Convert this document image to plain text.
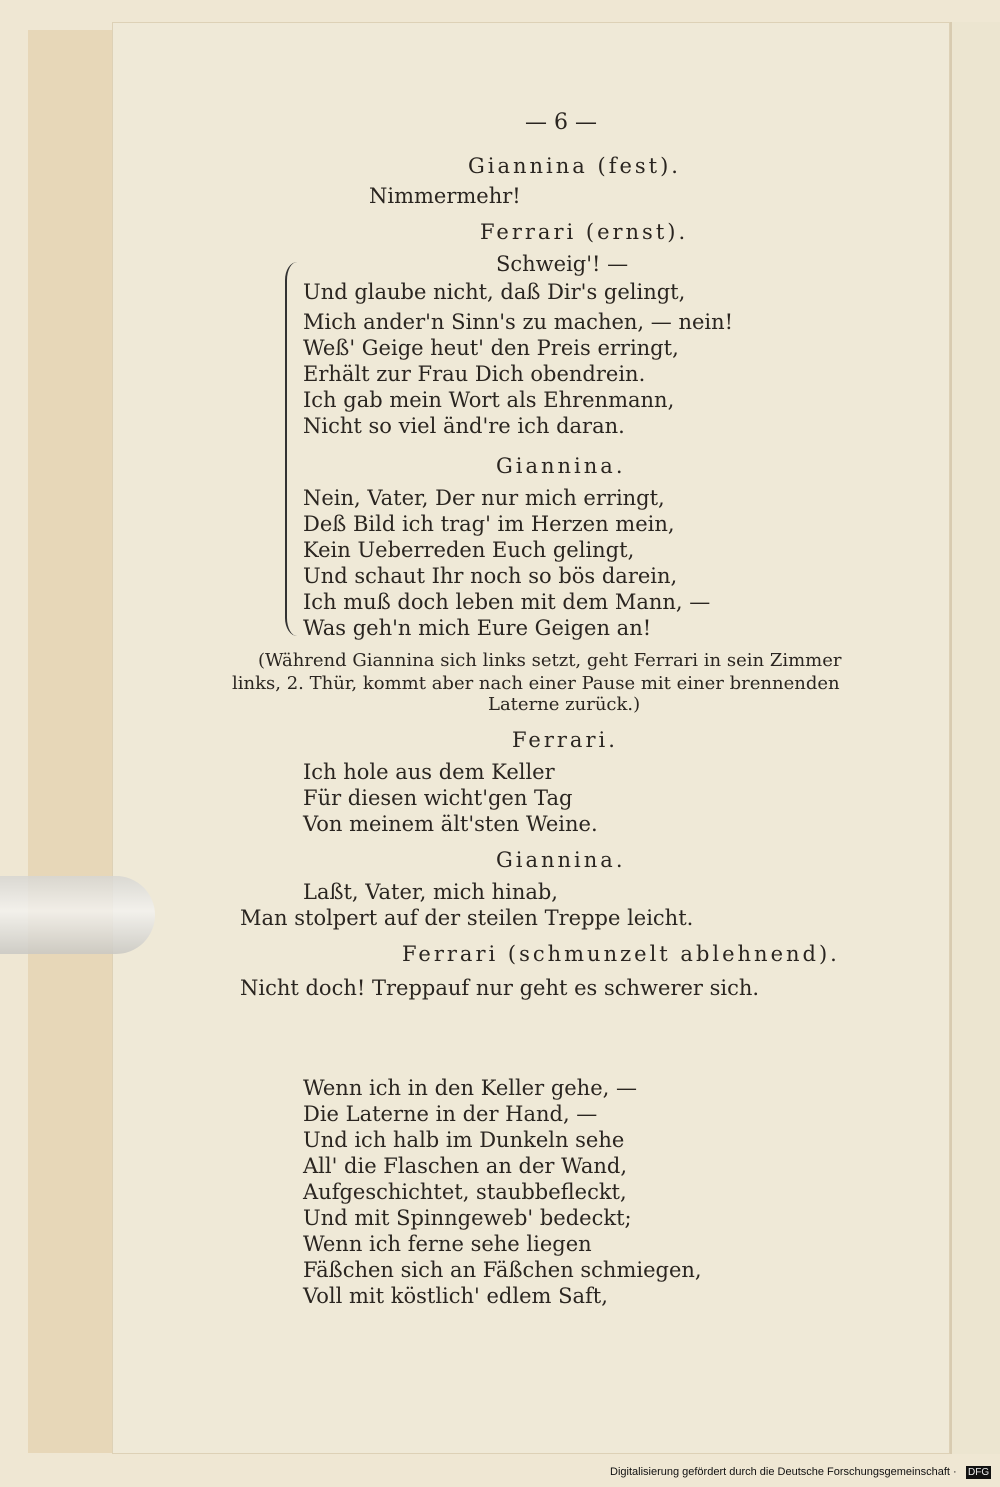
— 6 —
Giannina (fest).
Nimmermehr!
Ferrari (ernst).
Schweig'! —
Und glaube nicht, daß Dir's gelingt,
Mich ander'n Sinn's zu machen, — nein!
Weß' Geige heut' den Preis erringt,
Erhält zur Frau Dich obendrein.
Ich gab mein Wort als Ehrenmann,
Nicht so viel änd're ich daran.
Giannina.
Nein, Vater, Der nur mich erringt,
Deß Bild ich trag' im Herzen mein,
Kein Ueberreden Euch gelingt,
Und schaut Ihr noch so bös darein,
Ich muß doch leben mit dem Mann, —
Was geh'n mich Eure Geigen an!
(Während Giannina sich links setzt, geht Ferrari in sein Zimmer
links, 2. Thür, kommt aber nach einer Pause mit einer brennenden
Laterne zurück.)
Ferrari.
Ich hole aus dem Keller
Für diesen wicht'gen Tag
Von meinem ält'sten Weine.
Giannina.
Laßt, Vater, mich hinab,
Man stolpert auf der steilen Treppe leicht.
Ferrari (schmunzelt ablehnend).
Nicht doch! Treppauf nur geht es schwerer sich.
Wenn ich in den Keller gehe, —
Die Laterne in der Hand, —
Und ich halb im Dunkeln sehe
All' die Flaschen an der Wand,
Aufgeschichtet, staubbefleckt,
Und mit Spinngeweb' bedeckt;
Wenn ich ferne sehe liegen
Fäßchen sich an Fäßchen schmiegen,
Voll mit köstlich' edlem Saft,
Digitalisierung gefördert durch die Deutsche Forschungsgemeinschaft · DFG
